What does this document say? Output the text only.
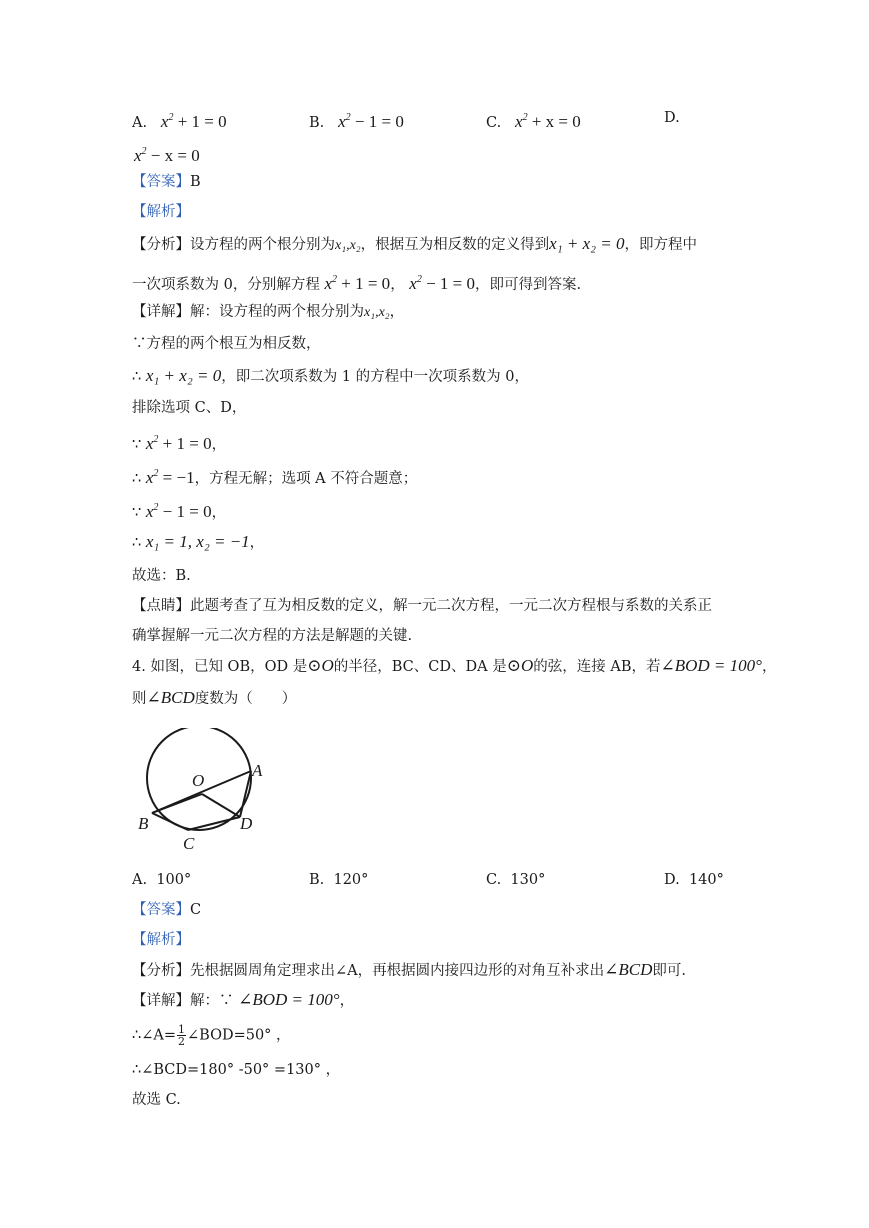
A. $x^2 + 1 = 0$	B. $x^2 - 1 = 0$	C. $x^2 + x = 0$	D.
$x^2 - x = 0$
【答案】B
【解析】
【分析】设方程的两个根分别为x₁,x₂，根据互为相反数的定义得到x₁ + x₂ = 0，即方程中
一次项系数为 0，分别解方程 $x^2 + 1 = 0$， $x^2 - 1 = 0$，即可得到答案.
【详解】解：设方程的两个根分别为x₁,x₂，
∵方程的两个根互为相反数，
∴ x₁ + x₂ = 0，即二次项系数为 1 的方程中一次项系数为 0，
排除选项 C、D，
∵ $x^2 + 1 = 0$，
∴ $x^2 = -1$，方程无解；选项 A 不符合题意；
∵ $x^2 - 1 = 0$，
∴ x₁ = 1, x₂ = −1，
故选：B.
【点睛】此题考查了互为相反数的定义，解一元二次方程，一元二次方程根与系数的关系正
确掌握解一元二次方程的方法是解题的关键.
4. 如图，已知 OB，OD 是⊙O的半径，BC、CD、DA 是⊙O的弦，连接 AB，若∠BOD = 100°，
则∠BCD度数为（　　）
O
A
B
C
D
A. 100°	B. 120°	C. 130°	D. 140°
【答案】C
【解析】
【分析】先根据圆周角定理求出∠A，再根据圆内接四边形的对角互补求出∠BCD即可.
【详解】解：∵ ∠BOD = 100°，
∴∠A= $\frac{1}{2}$ ∠BOD=50° ，
∴∠BCD=180° -50° =130° ，
故选 C.
